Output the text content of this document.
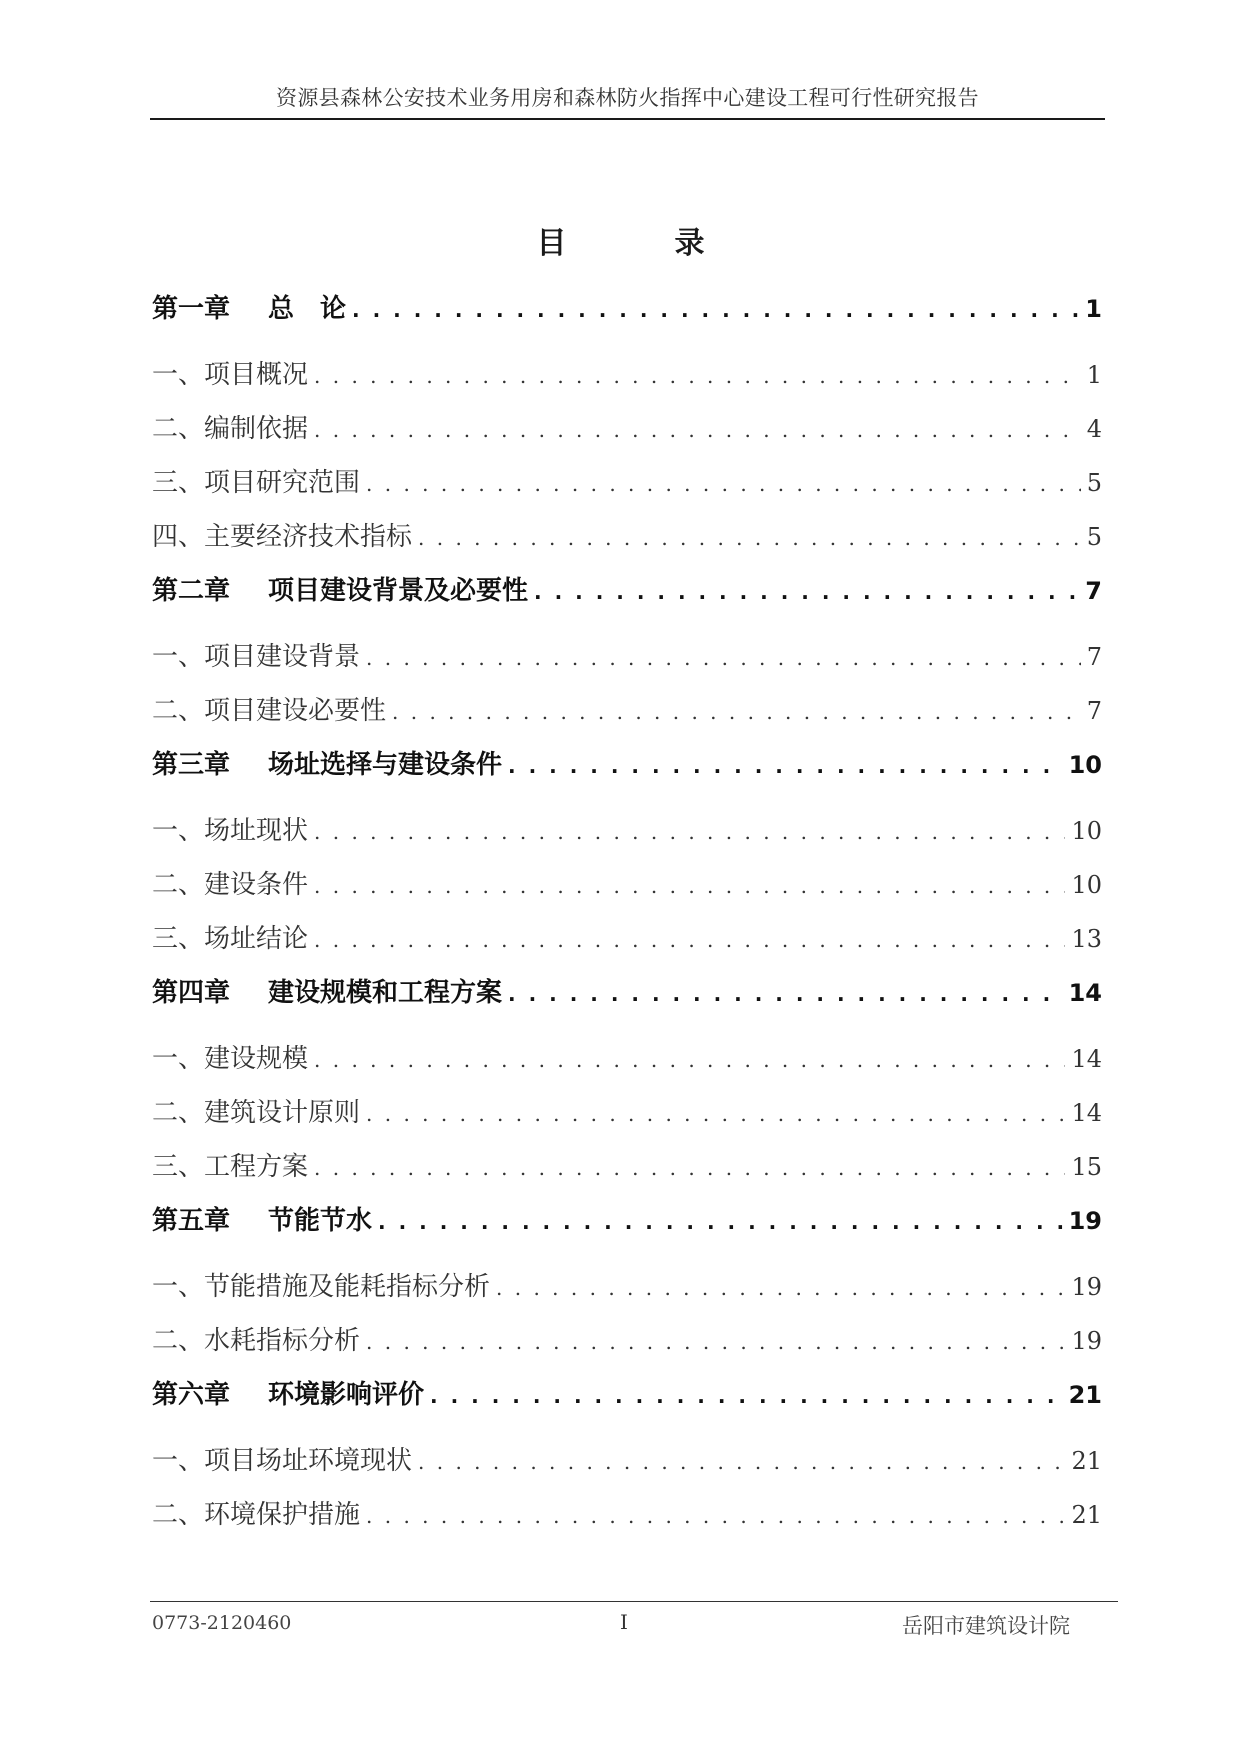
资源县森林公安技术业务用房和森林防火指挥中心建设工程可行性研究报告
目录
第一章	总　论 . . .	1
一、 项目概况 . . .	1
二、 编制依据 . . .	4
三、 项目研究范围 . . .	5
四、 主要经济技术指标 . . .	5
第二章	项目建设背景及必要性 . . .	7
一、 项目建设背景 . . .	7
二、 项目建设必要性 . . .	7
第三章	场址选择与建设条件 . . .	10
一、 场址现状 . . .	10
二、 建设条件 . . .	10
三、 场址结论 . . .	13
第四章	建设规模和工程方案 . . .	14
一、 建设规模 . . .	14
二、 建筑设计原则 . . .	14
三、 工程方案 . . .	15
第五章	节能节水 . . .	19
一、 节能措施及能耗指标分析 . . .	19
二、 水耗指标分析 . . .	19
第六章	环境影响评价 . . .	21
一、 项目场址环境现状 . . .	21
二、 环境保护措施 . . .	21
0773-2120460	I	岳阳市建筑设计院
